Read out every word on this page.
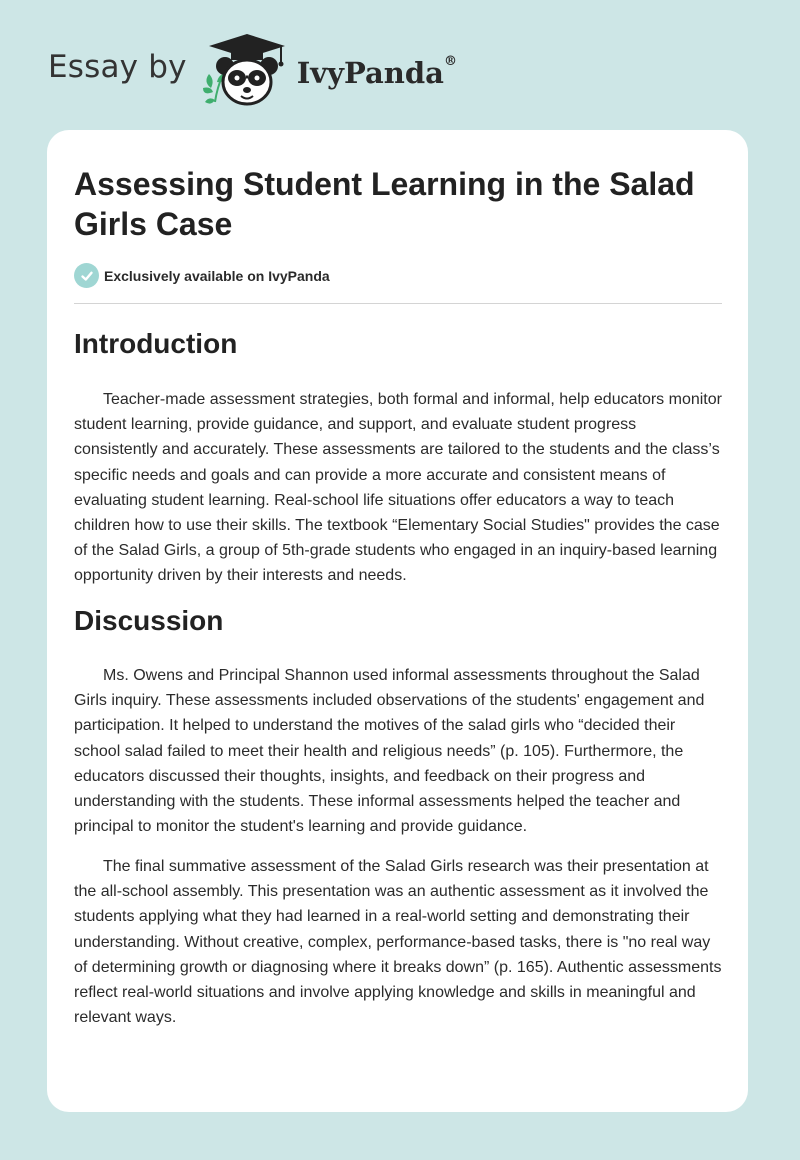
Essay by	IvyPanda®
Assessing Student Learning in the Salad Girls Case
Exclusively available on IvyPanda
Introduction

Teacher-made assessment strategies, both formal and informal, help educators monitor student learning, provide guidance, and support, and evaluate student progress consistently and accurately. These assessments are tailored to the students and the class’s specific needs and goals and can provide a more accurate and consistent means of evaluating student learning. Real-school life situations offer educators a way to teach children how to use their skills. The textbook “Elementary Social Studies" provides the case of the Salad Girls, a group of 5th-grade students who engaged in an inquiry-based learning opportunity driven by their interests and needs.

Discussion

Ms. Owens and Principal Shannon used informal assessments throughout the Salad Girls inquiry. These assessments included observations of the students' engagement and participation. It helped to understand the motives of the salad girls who “decided their school salad failed to meet their health and religious needs” (p. 105). Furthermore, the educators discussed their thoughts, insights, and feedback on their progress and understanding with the students. These informal assessments helped the teacher and principal to monitor the student's learning and provide guidance.

The final summative assessment of the Salad Girls research was their presentation at the all-school assembly. This presentation was an authentic assessment as it involved the students applying what they had learned in a real-world setting and demonstrating their understanding. Without creative, complex, performance-based tasks, there is "no real way of determining growth or diagnosing where it breaks down” (p. 165). Authentic assessments reflect real-world situations and involve applying knowledge and skills in meaningful and relevant ways.
